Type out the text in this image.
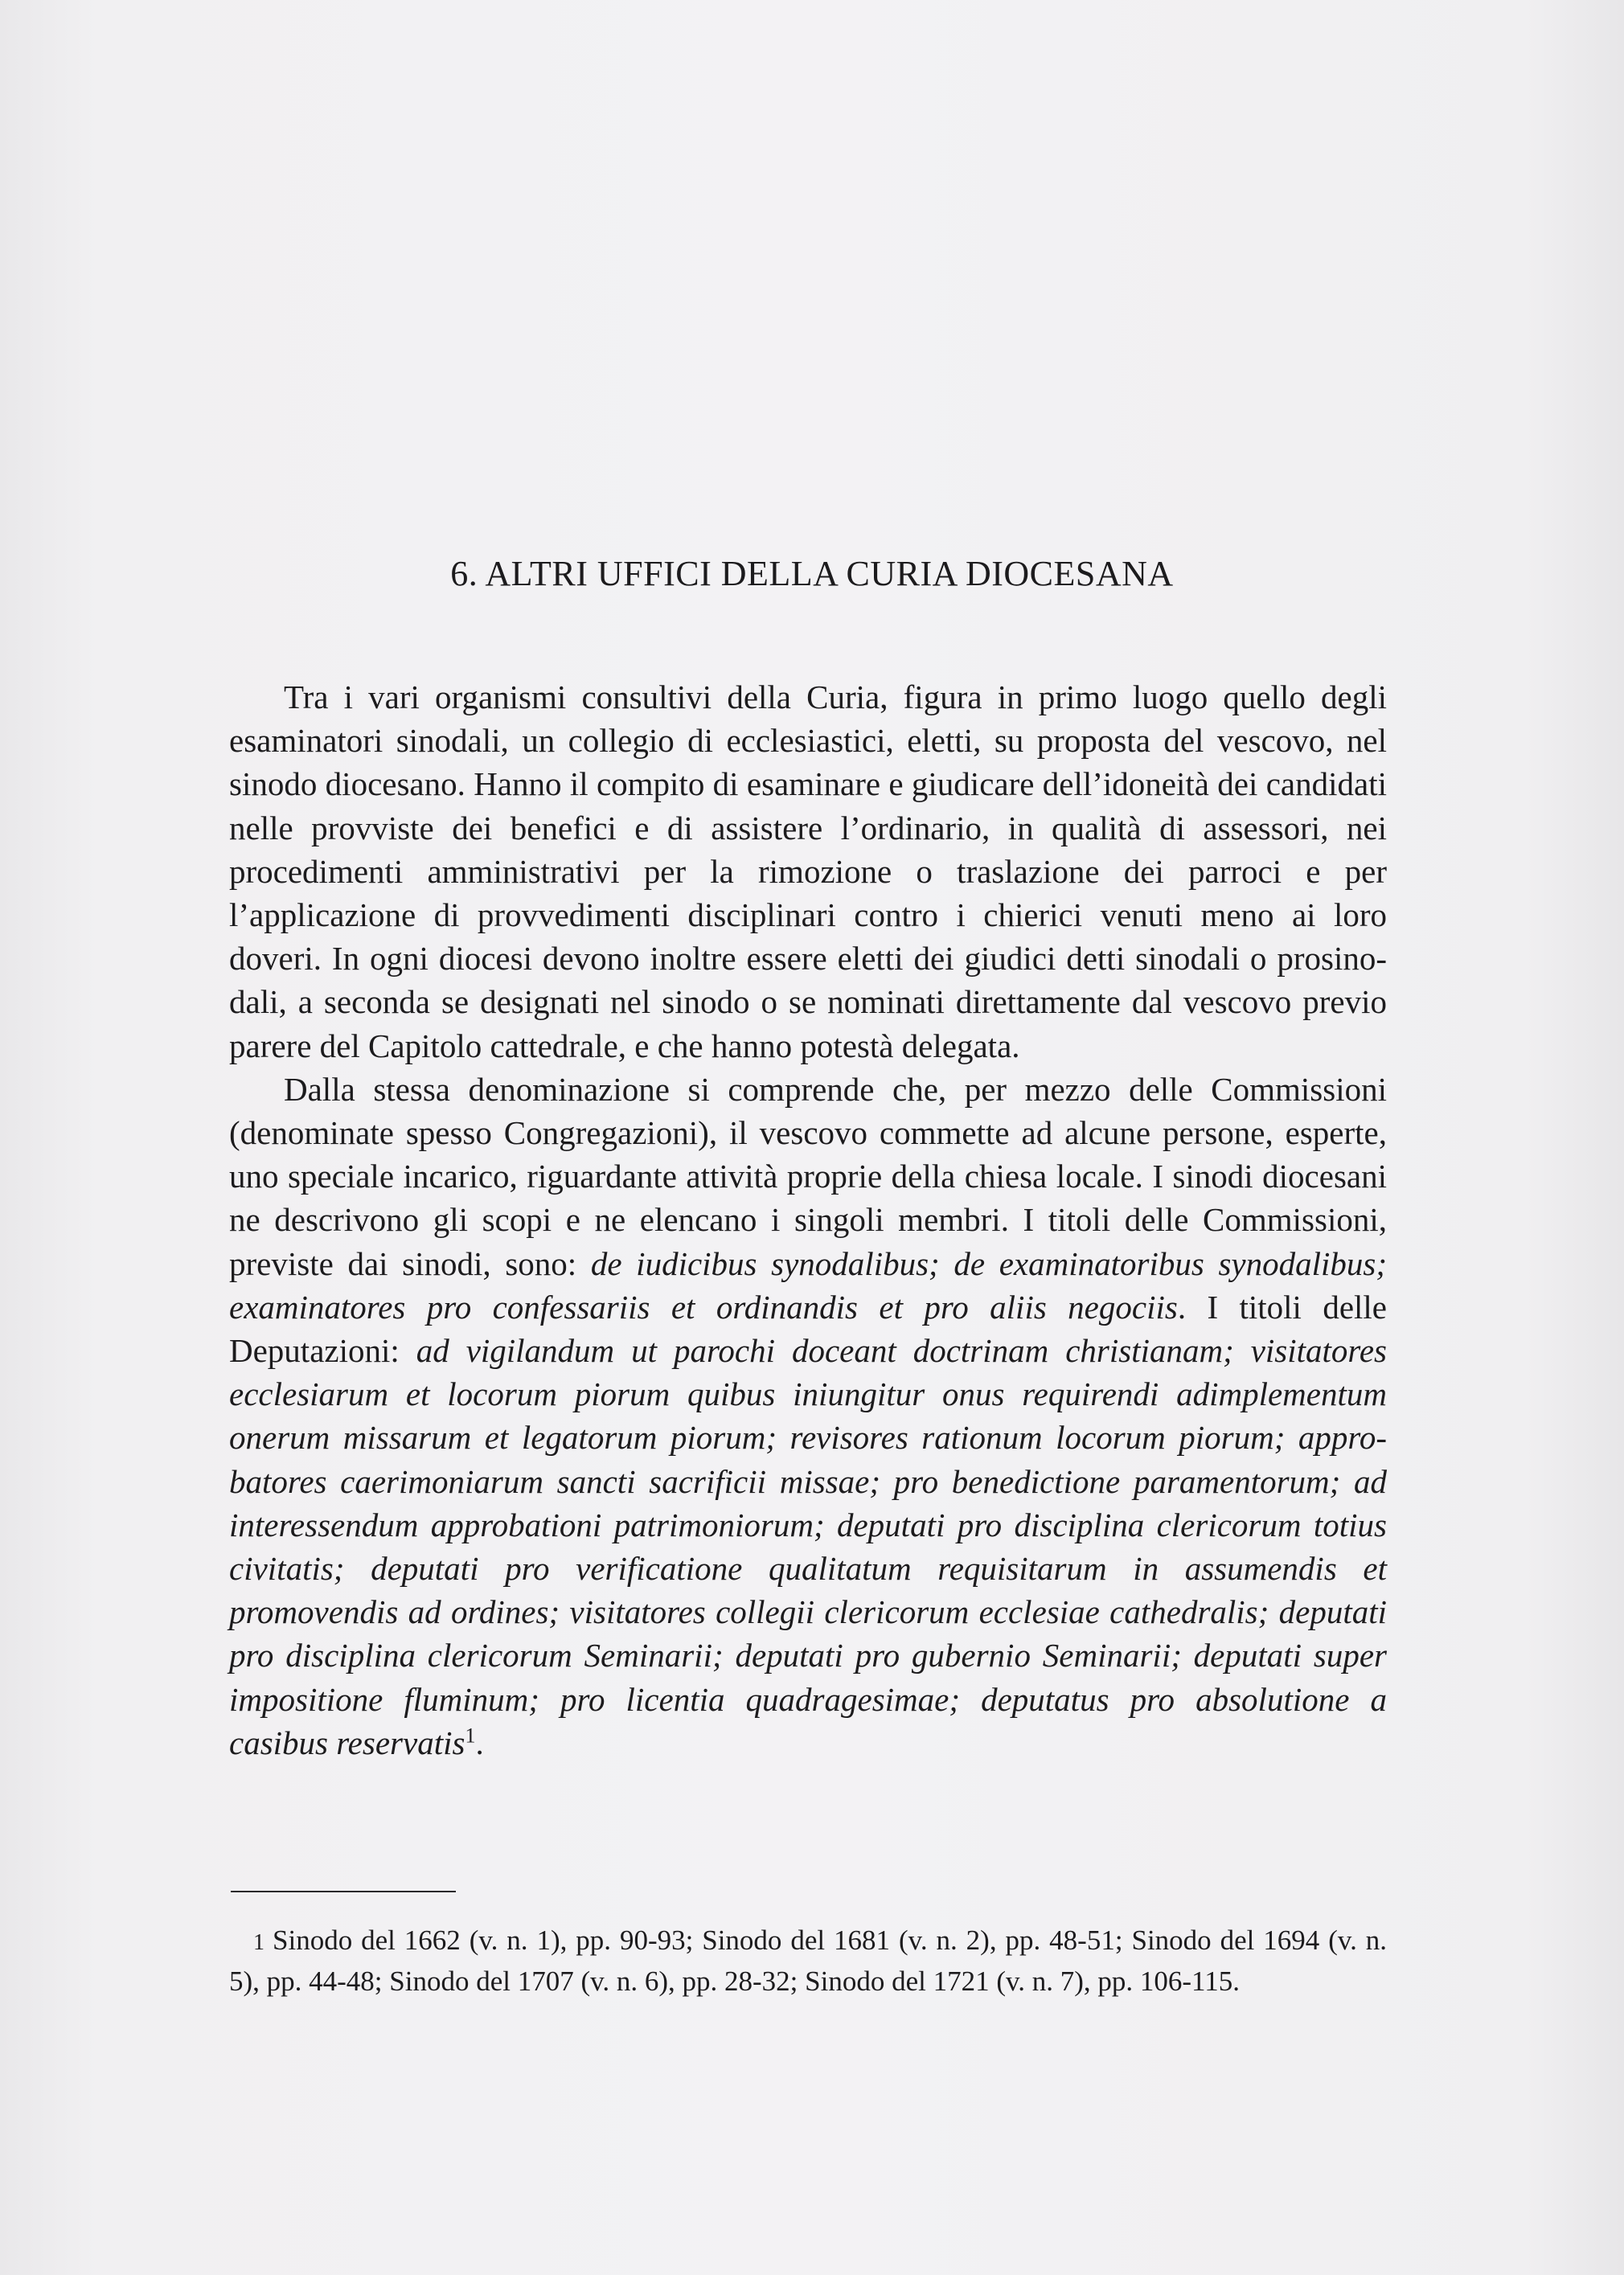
6. ALTRI UFFICI DELLA CURIA DIOCESANA

Tra i vari organismi consultivi della Curia, figura in primo luogo quello degli esaminatori sinodali, un collegio di ecclesiastici, eletti, su proposta del vescovo, nel sinodo diocesano. Hanno il compito di esaminare e giudicare dell’idoneità dei candidati nelle provviste dei benefici e di assistere l’ordinario, in qualità di assessori, nei procedimenti amministrativi per la rimozione o traslazione dei parroci e per l’applicazione di provvedimenti disciplinari contro i chierici venuti meno ai loro doveri. In ogni diocesi devono inoltre essere eletti dei giudici detti sinodali o prosinodali, a seconda se designati nel sinodo o se nominati direttamente dal vescovo previo parere del Capitolo cattedrale, e che hanno potestà delegata.

Dalla stessa denominazione si comprende che, per mezzo delle Commissioni (denominate spesso Congregazioni), il vescovo commette ad alcune persone, esperte, uno speciale incarico, riguardante attività proprie della chiesa locale. I sinodi diocesani ne descrivono gli scopi e ne elencano i singoli membri. I titoli delle Commissioni, previste dai sinodi, sono: de iudicibus synodalibus; de examinatoribus synodalibus; examinatores pro confessariis et ordinandis et pro aliis negociis. I titoli delle Deputazioni: ad vigilandum ut parochi doceant doctrinam christianam; visitatores ecclesiarum et locorum piorum quibus iniungitur onus requirendi adimplementum onerum missarum et legatorum piorum; revisores rationum locorum piorum; approbatores caerimoniarum sancti sacrificii missae; pro benedictione paramentorum; ad interessendum approbationi patrimoniorum; deputati pro disciplina clericorum totius civitatis; deputati pro verificatione qualitatum requisitarum in assumendis et promovendis ad ordines; visitatores collegii clericorum ecclesiae cathedralis; deputati pro disciplina clericorum Seminarii; deputati pro gubernio Seminarii; deputati super impositione fluminum; pro licentia quadragesimae; deputatus pro absolutione a casibus reservatis$^1$.

1 Sinodo del 1662 (v. n. 1), pp. 90-93; Sinodo del 1681 (v. n. 2), pp. 48-51; Sinodo del 1694 (v. n. 5), pp. 44-48; Sinodo del 1707 (v. n. 6), pp. 28-32; Sinodo del 1721 (v. n. 7), pp. 106-115.
